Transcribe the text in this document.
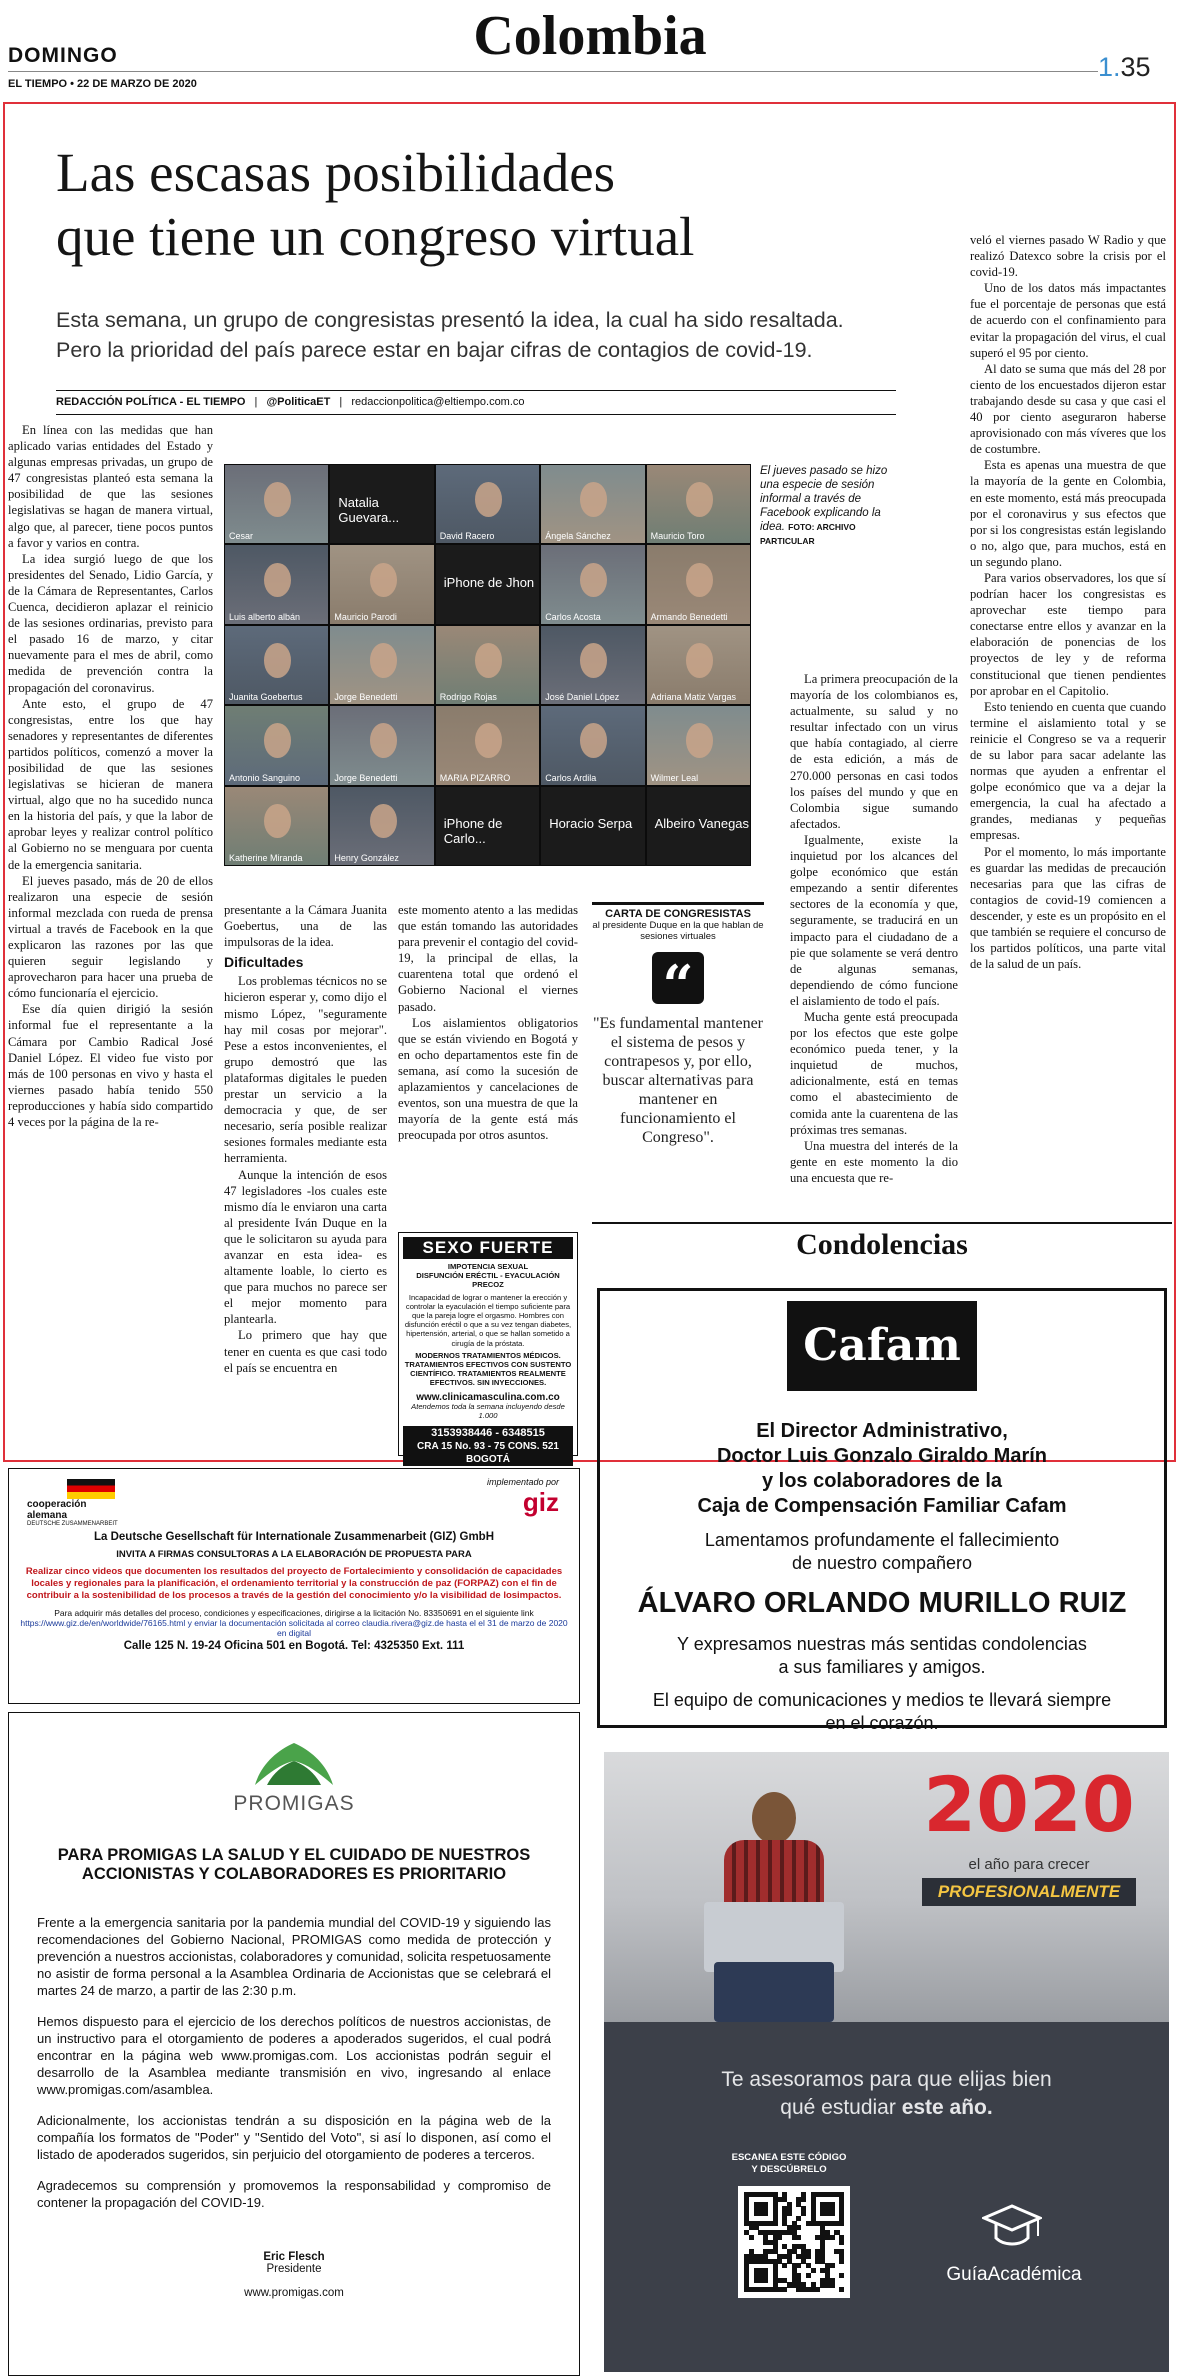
DOMINGO	Colombia
EL TIEMPO • 22 DE MARZO DE 2020
1.35
Las escasas posibilidades
que tiene un congreso virtual
Esta semana, un grupo de congresistas presentó la idea, la cual ha sido resaltada.
Pero la prioridad del país parece estar en bajar cifras de contagios de covid-19.
REDACCIÓN POLÍTICA - EL TIEMPO | @PoliticaET | redaccionpolitica@eltiempo.com.co

En línea con las medidas que han aplicado varias entidades del Estado y algunas empresas privadas, un grupo de 47 congresistas planteó esta semana la posibilidad de que las sesiones legislativas se hagan de manera virtual, algo que, al parecer, tiene pocos puntos a favor y varios en contra.

La idea surgió luego de que los presidentes del Senado, Lidio García, y de la Cámara de Representantes, Carlos Cuenca, decidieron aplazar el reinicio de las sesiones ordinarias, previsto para el pasado 16 de marzo, y citar nuevamente para el mes de abril, como medida de prevención contra la propagación del coronavirus.

Ante esto, el grupo de 47 congresistas, entre los que hay senadores y representantes de diferentes partidos políticos, comenzó a mover la posibilidad de que las sesiones legislativas se hicieran de manera virtual, algo que no ha sucedido nunca en la historia del país, y que la labor de aprobar leyes y realizar control político al Gobierno no se menguara por cuenta de la emergencia sanitaria.

El jueves pasado, más de 20 de ellos realizaron una especie de sesión informal mezclada con rueda de prensa virtual a través de Facebook en la que explicaron las razones por las que quieren seguir legislando y aprovecharon para hacer una prueba de cómo funcionaría el ejercicio.

Ese día quien dirigió la sesión informal fue el representante a la Cámara por Cambio Radical José Daniel López. El video fue visto por más de 100 personas en vivo y hasta el viernes pasado había tenido 550 reproducciones y había sido compartido 4 veces por la página de la re-

Cesar
Natalia Guevara...
David Racero	Ángela Sánchez	Mauricio Toro
Luis alberto albán	Mauricio Parodi
iPhone de Jhon
Carlos Acosta	Armando Benedetti
Juanita Goebertus	Jorge Benedetti	Rodrigo Rojas	José Daniel López	Adriana Matiz Vargas
Antonio Sanguino	Jorge Benedetti	MARIA PIZARRO	Carlos Ardila	Wilmer Leal
Katherine Miranda	Henry González
iPhone de Carlo...
Horacio Serpa Albeiro Vanegas
El jueves pasado se hizo una especie de sesión informal a través de Facebook explicando la idea. FOTO: ARCHIVO PARTICULAR

presentante a la Cámara Juanita Goebertus, una de las impulsoras de la idea.

Dificultades

Los problemas técnicos no se hicieron esperar y, como dijo el mismo López, "seguramente hay mil cosas por mejorar". Pese a estos inconvenientes, el grupo demostró que las plataformas digitales le pueden prestar un servicio a la democracia y que, de ser necesario, sería posible realizar sesiones formales mediante esta herramienta.

Aunque la intención de esos 47 legisladores -los cuales este mismo día le enviaron una carta al presidente Iván Duque en la que le solicitaron su ayuda para avanzar en esta idea- es altamente loable, lo cierto es que para muchos no parece ser el mejor momento para plantearla.

Lo primero que hay que tener en cuenta es que casi todo el país se encuentra en

este momento atento a las medidas que están tomando las autoridades para prevenir el contagio del covid-19, la principal de ellas, la cuarentena total que ordenó el Gobierno Nacional el viernes pasado.

Los aislamientos obligatorios que se están viviendo en Bogotá y en ocho departamentos este fin de semana, así como la sucesión de aplazamientos y cancelaciones de eventos, son una muestra de que la mayoría de la gente está más preocupada por otros asuntos.

SEXO FUERTE
IMPOTENCIA SEXUAL
DISFUNCIÓN ERÉCTIL - EYACULACIÓN PRECOZ
Incapacidad de lograr o mantener la erección y controlar la eyaculación el tiempo suficiente para que la pareja logre el orgasmo. Hombres con disfunción eréctil o que a su vez tengan diabetes, hipertensión, arterial, o que se hallan sometido a cirugía de la próstata.
MODERNOS TRATAMIENTOS MÉDICOS. TRATAMIENTOS EFECTIVOS CON SUSTENTO CIENTÍFICO. TRATAMIENTOS REALMENTE EFECTIVOS. SIN INYECCIONES.
www.clinicamasculina.com.co
Atendemos toda la semana incluyendo desde 1.000
3153938446 - 6348515
CRA 15 No. 93 - 75 CONS. 521 BOGOTÁ
CARTA DE CONGRESISTAS
al presidente Duque en la que hablan de sesiones virtuales
“
"Es fundamental mantener el sistema de pesos y contrapesos y, por ello, buscar alternativas para mantener en funcionamiento el Congreso".

La primera preocupación de la mayoría de los colombianos es, actualmente, su salud y no resultar infectado con un virus que había contagiado, al cierre de esta edición, a más de 270.000 personas en casi todos los países del mundo y que en Colombia sigue sumando afectados.

Igualmente, existe la inquietud por los alcances del golpe económico que están empezando a sentir diferentes sectores de la economía y que, seguramente, se traducirá en un impacto para el ciudadano de a pie que solamente se verá dentro de algunas semanas, dependiendo de cómo funcione el aislamiento de todo el país.

Mucha gente está preocupada por los efectos que este golpe económico pueda tener, y la inquietud de muchos, adicionalmente, está en temas como el abastecimiento de comida ante la cuarentena de las próximas tres semanas.

Una muestra del interés de la gente en este momento la dio una encuesta que re-

veló el viernes pasado W Radio y que realizó Datexco sobre la crisis por el covid-19.

Uno de los datos más impactantes fue el porcentaje de personas que está de acuerdo con el confinamiento para evitar la propagación del virus, el cual superó el 95 por ciento.

Al dato se suma que más del 28 por ciento de los encuestados dijeron estar trabajando desde su casa y que casi el 40 por ciento aseguraron haberse aprovisionado con más víveres que los de costumbre.

Esta es apenas una muestra de que la mayoría de la gente en Colombia, en este momento, está más preocupada por el coronavirus y sus efectos que por si los congresistas están legislando o no, algo que, para muchos, está en un segundo plano.

Para varios observadores, los que sí podrían hacer los congresistas es aprovechar este tiempo para conectarse entre ellos y avanzar en la elaboración de ponencias de los proyectos de ley y de reforma constitucional que tienen pendientes por aprobar en el Capitolio.

Esto teniendo en cuenta que cuando termine el aislamiento total y se reinicie el Congreso se va a requerir de su labor para sacar adelante las normas que ayuden a enfrentar el golpe económico que va a dejar la emergencia, la cual ha afectado a grandes, medianas y pequeñas empresas.

Por el momento, lo más importante es guardar las medidas de precaución necesarias para que las cifras de contagios de covid-19 comiencen a descender, y este es un propósito en el que también se requiere el concurso de los partidos políticos, una parte vital de la salud de un país.

Condolencias
Cafam
El Director Administrativo,
Doctor Luis Gonzalo Giraldo Marín
y los colaboradores de la
Caja de Compensación Familiar Cafam
Lamentamos profundamente el fallecimiento
de nuestro compañero
ÁLVARO ORLANDO MURILLO RUIZ
Y expresamos nuestras más sentidas condolencias
a sus familiares y amigos.
El equipo de comunicaciones y medios te llevará siempre
en el corazón.
cooperación
alemana
DEUTSCHE ZUSAMMENARBEIT
implementado por
giz
La Deutsche Gesellschaft für Internationale Zusammenarbeit (GIZ) GmbH
INVITA A FIRMAS CONSULTORAS A LA ELABORACIÓN DE PROPUESTA PARA
Realizar cinco videos que documenten los resultados del proyecto de Fortalecimiento y consolidación de capacidades locales y regionales para la planificación, el ordenamiento territorial y la construcción de paz (FORPAZ) con el fin de contribuir a la sostenibilidad de los procesos a través de la gestión del conocimiento y/o la visibilidad de losimpactos.
Para adquirir más detalles del proceso, condiciones y especificaciones, dirigirse a la licitación No. 83350691 en el siguiente link
https://www.giz.de/en/worldwide/76165.html y enviar la documentación solicitada al correo claudia.rivera@giz.de hasta el el 31 de marzo de 2020 en digital
Calle 125 N. 19-24 Oficina 501 en Bogotá. Tel: 4325350 Ext. 111
PROMIGAS
PARA PROMIGAS LA SALUD Y EL CUIDADO DE NUESTROS
ACCIONISTAS Y COLABORADORES ES PRIORITARIO
Frente a la emergencia sanitaria por la pandemia mundial del COVID-19 y siguiendo las recomendaciones del Gobierno Nacional, PROMIGAS como medida de protección y prevención a nuestros accionistas, colaboradores y comunidad, solicita respetuosamente no asistir de forma personal a la Asamblea Ordinaria de Accionistas que se celebrará el martes 24 de marzo, a partir de las 2:30 p.m.
Hemos dispuesto para el ejercicio de los derechos políticos de nuestros accionistas, de un instructivo para el otorgamiento de poderes a apoderados sugeridos, el cual podrá encontrar en la página web www.promigas.com. Los accionistas podrán seguir el desarrollo de la Asamblea mediante transmisión en vivo, ingresando al enlace www.promigas.com/asamblea.
Adicionalmente, los accionistas tendrán a su disposición en la página web de la compañía los formatos de "Poder" y "Sentido del Voto", si así lo disponen, así como el listado de apoderados sugeridos, sin perjuicio del otorgamiento de poderes a terceros.
Agradecemos su comprensión y promovemos la responsabilidad y compromiso de contener la propagación del COVID-19.
Eric Flesch
Presidente
www.promigas.com
2020
el año para crecer
PROFESIONALMENTE
Te asesoramos para que elijas bien
qué estudiar este año.
ESCANEA ESTE CÓDIGO
Y DESCÚBRELO
GuíaAcadémica
